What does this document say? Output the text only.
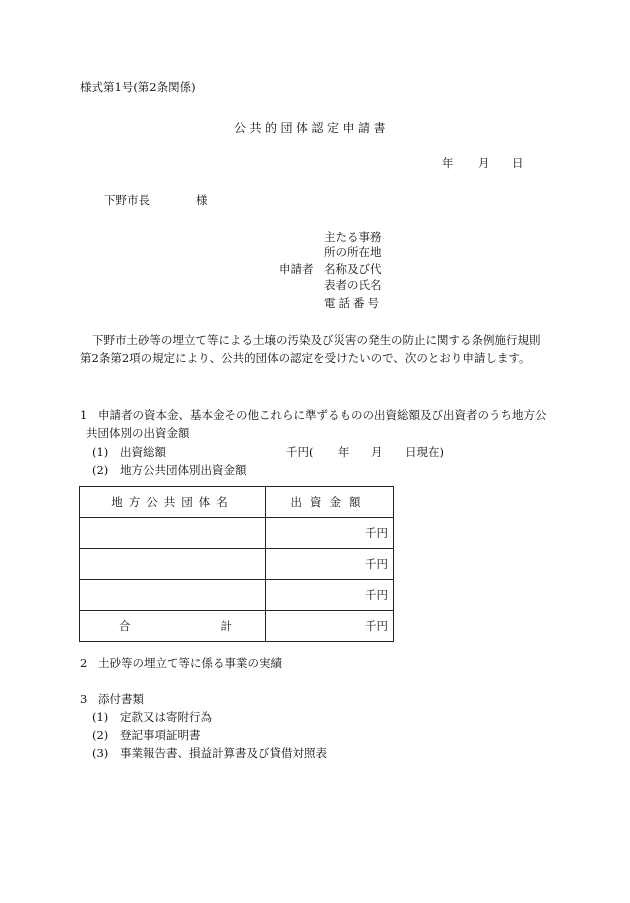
様式第1号(第2条関係)
公共的団体認定申請書
年 月 日
下野市長	様
主たる事務
所の所在地
申請者 名称及び代
表者の氏名
電話番号
下野市土砂等の埋立て等による土壌の汚染及び災害の発生の防止に関する条例施行規則
第2条第2項の規定により、公共的団体の認定を受けたいので、次のとおり申請します。
1 申請者の資本金、基本金その他これらに準ずるものの出資総額及び出資者のうち地方公
共団体別の出資金額
(1) 出資総額	千円( 年 月 日現在)
(2) 地方公共団体別出資金額
地方公共団体名	出資金額
	千円
	千円
	千円

合 計	千円
2 土砂等の埋立て等に係る事業の実績
3 添付書類
(1) 定款又は寄附行為
(2) 登記事項証明書
(3) 事業報告書、損益計算書及び貸借対照表
